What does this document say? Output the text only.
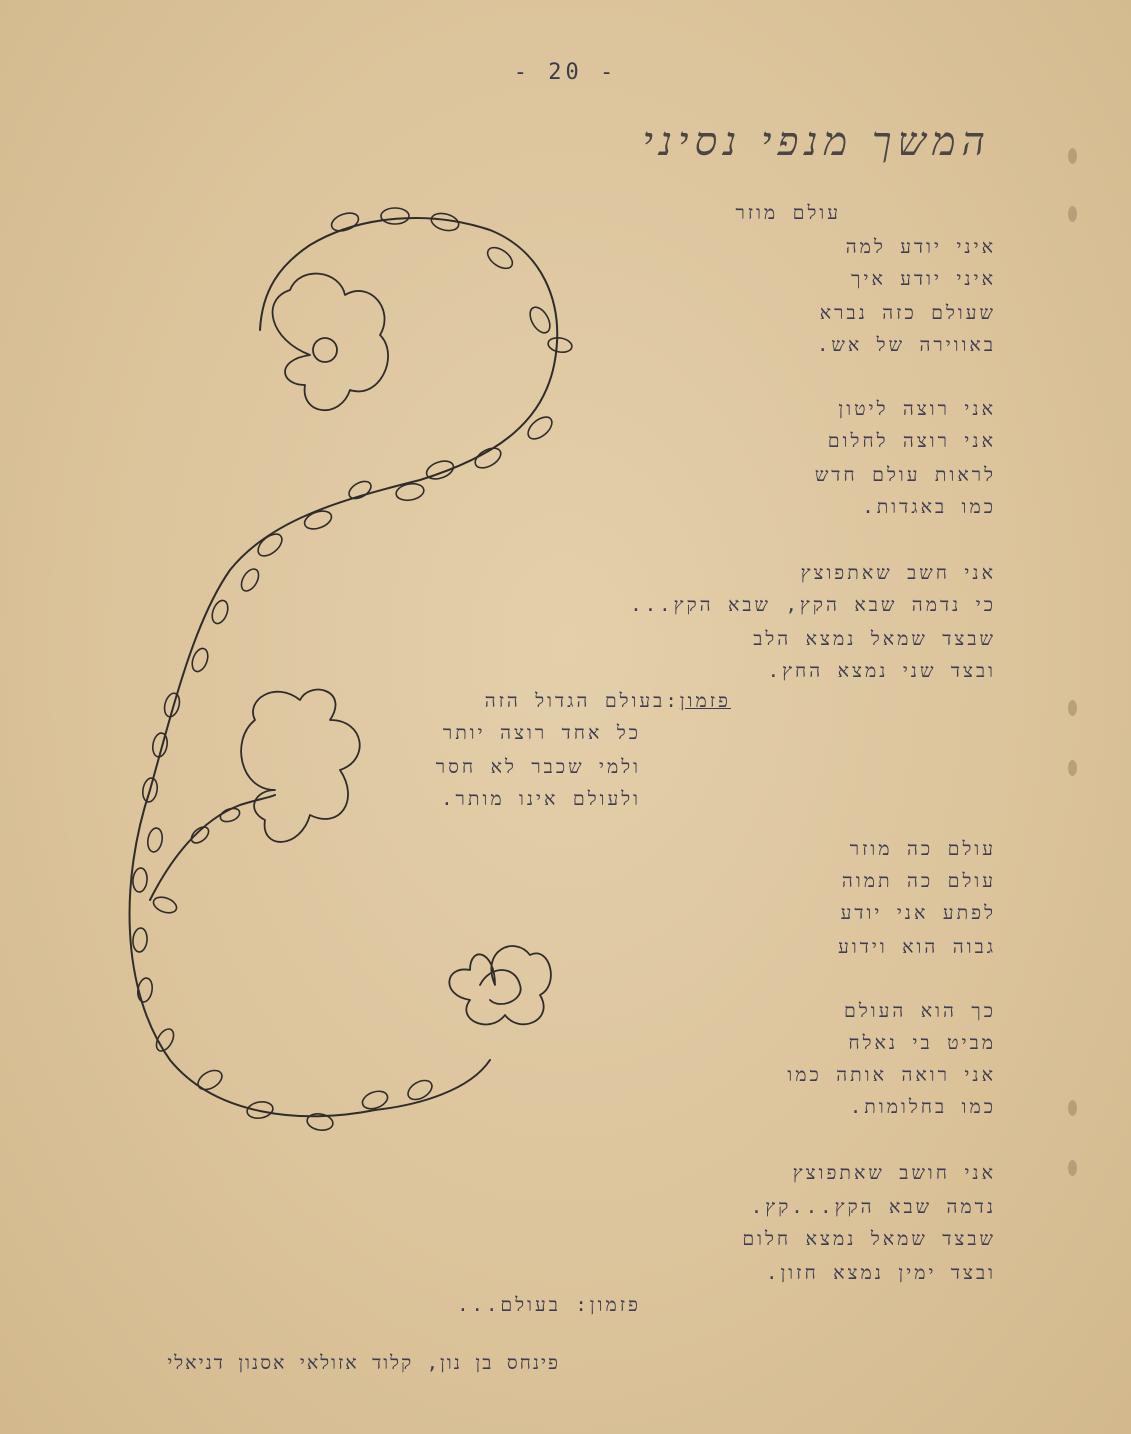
- 20 -
המשך מנפי נסיני
עולם מוזר
איני יודע למה
איני יודע איך
שעולם כזה נברא
באווירה של אש.
אני רוצה ליטון
אני רוצה לחלום
לראות עולם חדש
כמו באגדות.
אני חשב שאתפוצץ
כי נדמה שבא הקץ, שבא הקץ...
שבצד שמאל נמצא הלב
ובצד שני נמצא החץ.
פזמון:בעולם הגדול הזה
כל אחד רוצה יותר
ולמי שכבר לא חסר
ולעולם אינו מותר.
עולם כה מוזר
עולם כה תמוה
לפתע אני יודע
גבוה הוא וידוע
כך הוא העולם
מביט בי נאלח
אני רואה אותה כמו
כמו בחלומות.
אני חושב שאתפוצץ
נדמה שבא הקץ...קץ.
שבצד שמאל נמצא חלום
ובצד ימין נמצא חזון.
פזמון: בעולם...
פינחס בן נון, קלוד אזולאי אסנון דניאלי
